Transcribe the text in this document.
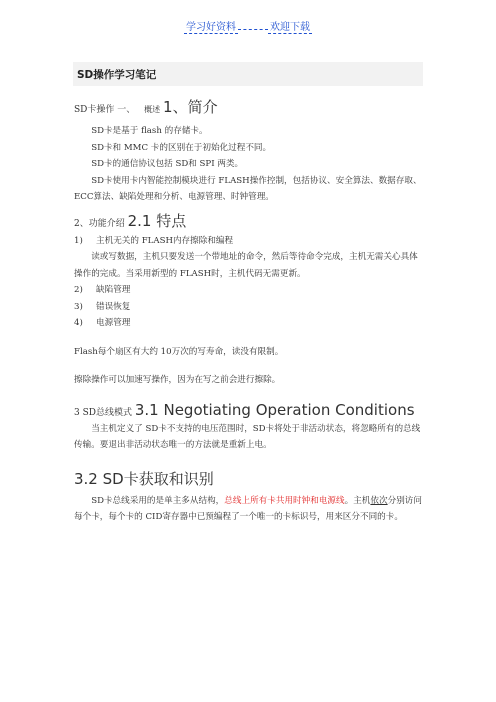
学习好资料	欢迎下载
SD操作学习笔记
SD卡操作 一、 概述 1、简介
SD卡是基于 flash 的存储卡。
SD卡和 MMC 卡的区别在于初始化过程不同。
SD卡的通信协议包括 SD和 SPI 两类。
SD卡使用卡内智能控制模块进行 FLASH操作控制，包括协议、安全算法、数据存取、ECC算法、缺陷处理和分析、电源管理、时钟管理。
2、功能介绍 2.1 特点
1) 主机无关的 FLASH内存擦除和编程
读或写数据，主机只要发送一个带地址的命令，然后等待命令完成，主机无需关心具体操作的完成。当采用新型的 FLASH时，主机代码无需更新。
2) 缺陷管理
3) 错误恢复
4) 电源管理
Flash每个扇区有大约 10万次的写寿命，读没有限制。
擦除操作可以加速写操作，因为在写之前会进行擦除。
3 SD总线模式 3.1 Negotiating Operation Conditions
当主机定义了 SD卡不支持的电压范围时，SD卡将处于非活动状态，将忽略所有的总线传输。要退出非活动状态唯一的方法就是重新上电。
3.2 SD卡获取和识别
SD卡总线采用的是单主多从结构，总线上所有卡共用时钟和电源线。主机依次分别访问每个卡，每个卡的 CID寄存器中已预编程了一个唯一的卡标识号，用来区分不同的卡。
